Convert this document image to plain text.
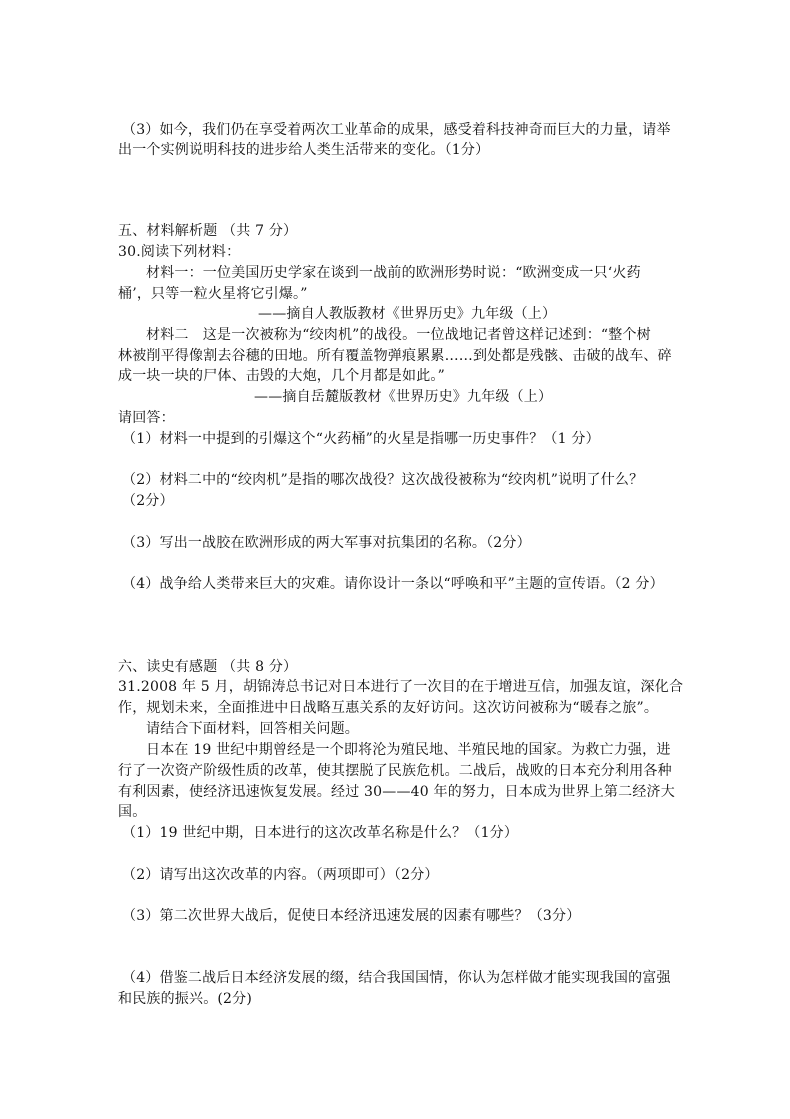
（3）如今，我们仍在享受着两次工业革命的成果，感受着科技神奇而巨大的力量，请举
出一个实例说明科技的进步给人类生活带来的变化。（1分）
五、材料解析题 （共 7 分）
30.阅读下列材料：
材料一：一位美国历史学家在谈到一战前的欧洲形势时说：“欧洲变成一只‘火药
桶’，只等一粒火星将它引爆。”
——摘自人教版教材《世界历史》九年级（上）
材料二　这是一次被称为“绞肉机”的战役。一位战地记者曾这样记述到：“整个树
林被削平得像割去谷穗的田地。所有覆盖物弹痕累累……到处都是残骸、击破的战车、碎
成一块一块的尸体、击毁的大炮，几个月都是如此。”
——摘自岳麓版教材《世界历史》九年级（上）
请回答：
（1）材料一中提到的引爆这个“火药桶”的火星是指哪一历史事件？（1 分）
（2）材料二中的“绞肉机”是指的哪次战役？这次战役被称为“绞肉机”说明了什么？
（2分）
（3）写出一战胶在欧洲形成的两大军事对抗集团的名称。（2分）
（4）战争给人类带来巨大的灾难。请你设计一条以“呼唤和平”主题的宣传语。（2 分）
六、读史有感题 （共 8 分）
31.2008 年 5 月，胡锦涛总书记对日本进行了一次目的在于增进互信，加强友谊，深化合
作，规划未来，全面推进中日战略互惠关系的友好访问。这次访问被称为“暖春之旅”。
请结合下面材料，回答相关问题。
日本在 19 世纪中期曾经是一个即将沦为殖民地、半殖民地的国家。为救亡力强，进
行了一次资产阶级性质的改革，使其摆脱了民族危机。二战后，战败的日本充分利用各种
有利因素，使经济迅速恢复发展。经过 30——40 年的努力，日本成为世界上第二经济大
国。
（1）19 世纪中期，日本进行的这次改革名称是什么？（1分）
（2）请写出这次改革的内容。（两项即可）（2分）
（3）第二次世界大战后，促使日本经济迅速发展的因素有哪些？（3分）
（4）借鉴二战后日本经济发展的缀，结合我国国情，你认为怎样做才能实现我国的富强
和民族的振兴。(2分)
